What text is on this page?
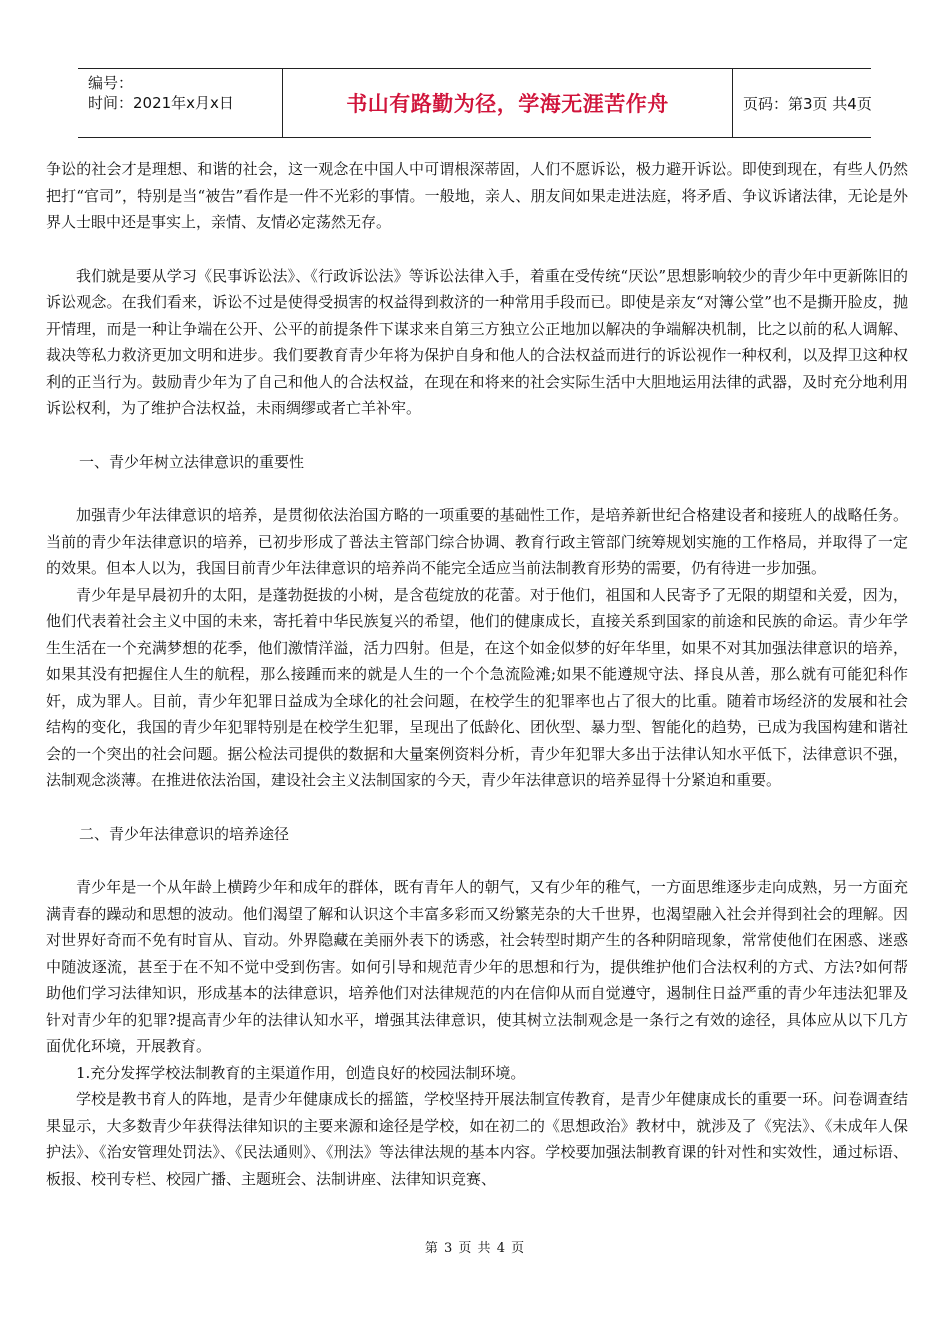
编号：
时间：2021年x月x日	书山有路勤为径，学海无涯苦作舟	页码：第3页 共4页

争讼的社会才是理想、和谐的社会，这一观念在中国人中可谓根深蒂固，人们不愿诉讼，极力避开诉讼。即使到现在，有些人仍然把打“官司”，特别是当“被告”看作是一件不光彩的事情。一般地，亲人、朋友间如果走进法庭，将矛盾、争议诉诸法律，无论是外界人士眼中还是事实上，亲情、友情必定荡然无存。

我们就是要从学习《民事诉讼法》、《行政诉讼法》等诉讼法律入手，着重在受传统“厌讼”思想影响较少的青少年中更新陈旧的诉讼观念。在我们看来，诉讼不过是使得受损害的权益得到救济的一种常用手段而已。即使是亲友“对簿公堂”也不是撕开脸皮，抛开情理，而是一种让争端在公开、公平的前提条件下谋求来自第三方独立公正地加以解决的争端解决机制，比之以前的私人调解、裁决等私力救济更加文明和进步。我们要教育青少年将为保护自身和他人的合法权益而进行的诉讼视作一种权利，以及捍卫这种权利的正当行为。鼓励青少年为了自己和他人的合法权益，在现在和将来的社会实际生活中大胆地运用法律的武器，及时充分地利用诉讼权利，为了维护合法权益，未雨绸缪或者亡羊补牢。

一、青少年树立法律意识的重要性

加强青少年法律意识的培养，是贯彻依法治国方略的一项重要的基础性工作，是培养新世纪合格建设者和接班人的战略任务。当前的青少年法律意识的培养，已初步形成了普法主管部门综合协调、教育行政主管部门统筹规划实施的工作格局，并取得了一定的效果。但本人以为，我国目前青少年法律意识的培养尚不能完全适应当前法制教育形势的需要，仍有待进一步加强。

青少年是早晨初升的太阳，是蓬勃挺拔的小树，是含苞绽放的花蕾。对于他们，祖国和人民寄予了无限的期望和关爱，因为，他们代表着社会主义中国的未来，寄托着中华民族复兴的希望，他们的健康成长，直接关系到国家的前途和民族的命运。青少年学生生活在一个充满梦想的花季，他们激情洋溢，活力四射。但是，在这个如金似梦的好年华里，如果不对其加强法律意识的培养，如果其没有把握住人生的航程，那么接踵而来的就是人生的一个个急流险滩;如果不能遵规守法、择良从善，那么就有可能犯科作奸，成为罪人。目前，青少年犯罪日益成为全球化的社会问题，在校学生的犯罪率也占了很大的比重。随着市场经济的发展和社会结构的变化，我国的青少年犯罪特别是在校学生犯罪，呈现出了低龄化、团伙型、暴力型、智能化的趋势，已成为我国构建和谐社会的一个突出的社会问题。据公检法司提供的数据和大量案例资料分析，青少年犯罪大多出于法律认知水平低下，法律意识不强，法制观念淡薄。在推进依法治国，建设社会主义法制国家的今天，青少年法律意识的培养显得十分紧迫和重要。

二、青少年法律意识的培养途径

青少年是一个从年龄上横跨少年和成年的群体，既有青年人的朝气，又有少年的稚气，一方面思维逐步走向成熟，另一方面充满青春的躁动和思想的波动。他们渴望了解和认识这个丰富多彩而又纷繁芜杂的大千世界，也渴望融入社会并得到社会的理解。因对世界好奇而不免有时盲从、盲动。外界隐藏在美丽外表下的诱惑，社会转型时期产生的各种阴暗现象，常常使他们在困惑、迷惑中随波逐流，甚至于在不知不觉中受到伤害。如何引导和规范青少年的思想和行为，提供维护他们合法权利的方式、方法?如何帮助他们学习法律知识，形成基本的法律意识，培养他们对法律规范的内在信仰从而自觉遵守，遏制住日益严重的青少年违法犯罪及针对青少年的犯罪?提高青少年的法律认知水平，增强其法律意识，使其树立法制观念是一条行之有效的途径，具体应从以下几方面优化环境，开展教育。

1.充分发挥学校法制教育的主渠道作用，创造良好的校园法制环境。

学校是教书育人的阵地，是青少年健康成长的摇篮，学校坚持开展法制宣传教育，是青少年健康成长的重要一环。问卷调查结果显示，大多数青少年获得法律知识的主要来源和途径是学校，如在初二的《思想政治》教材中，就涉及了《宪法》、《未成年人保护法》、《治安管理处罚法》、《民法通则》、《刑法》等法律法规的基本内容。学校要加强法制教育课的针对性和实效性，通过标语、板报、校刊专栏、校园广播、主题班会、法制讲座、法律知识竞赛、

第 3 页 共 4 页
